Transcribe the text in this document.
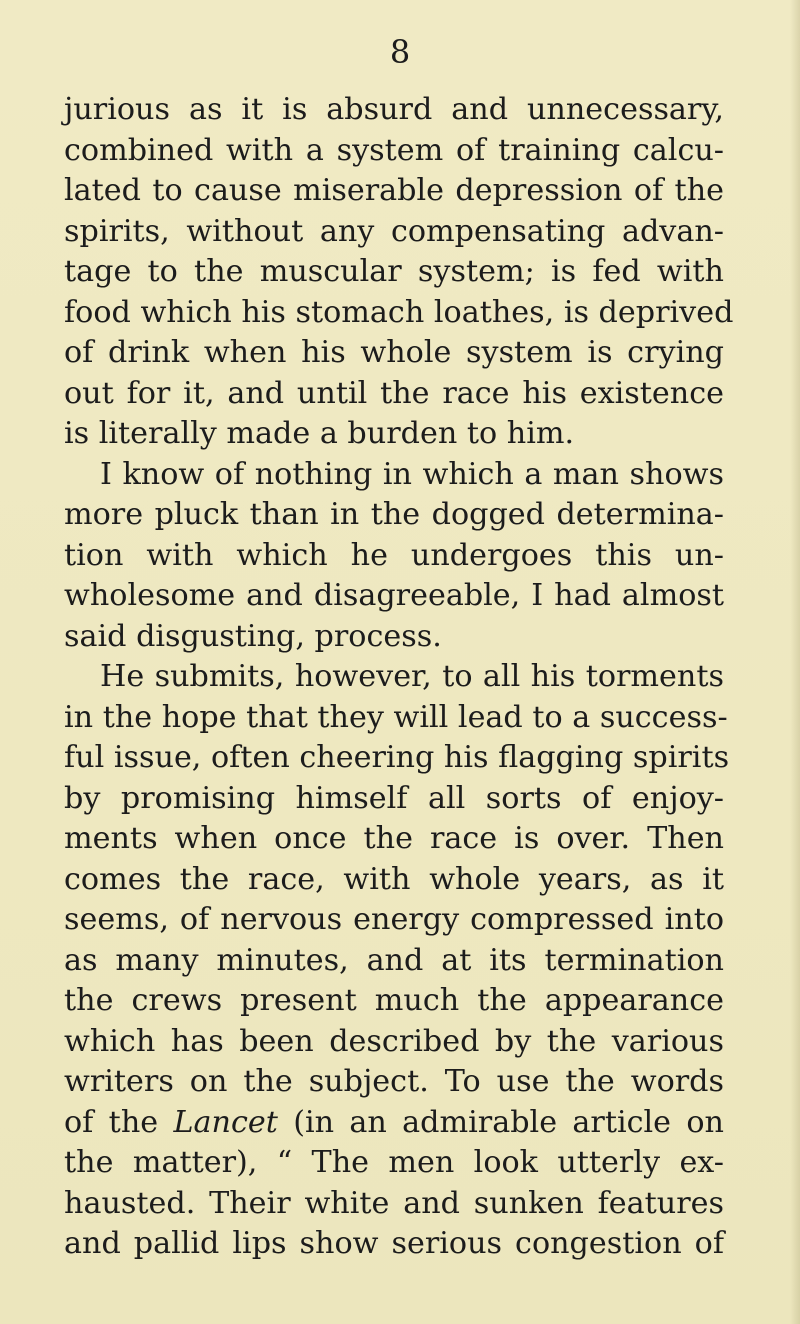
8
jurious as it is absurd and unnecessary,
combined with a system of training calcu-
lated to cause miserable depression of the
spirits, without any compensating advan-
tage to the muscular system; is fed with
food which his stomach loathes, is deprived
of drink when his whole system is crying
out for it, and until the race his existence
is literally made a burden to him.
I know of nothing in which a man shows
more pluck than in the dogged determina-
tion with which he undergoes this un-
wholesome and disagreeable, I had almost
said disgusting, process.
He submits, however, to all his torments
in the hope that they will lead to a success-
ful issue, often cheering his flagging spirits
by promising himself all sorts of enjoy-
ments when once the race is over. Then
comes the race, with whole years, as it
seems, of nervous energy compressed into
as many minutes, and at its termination
the crews present much the appearance
which has been described by the various
writers on the subject. To use the words
of the Lancet (in an admirable article on
the matter), “ The men look utterly ex-
hausted. Their white and sunken features
and pallid lips show serious congestion of
